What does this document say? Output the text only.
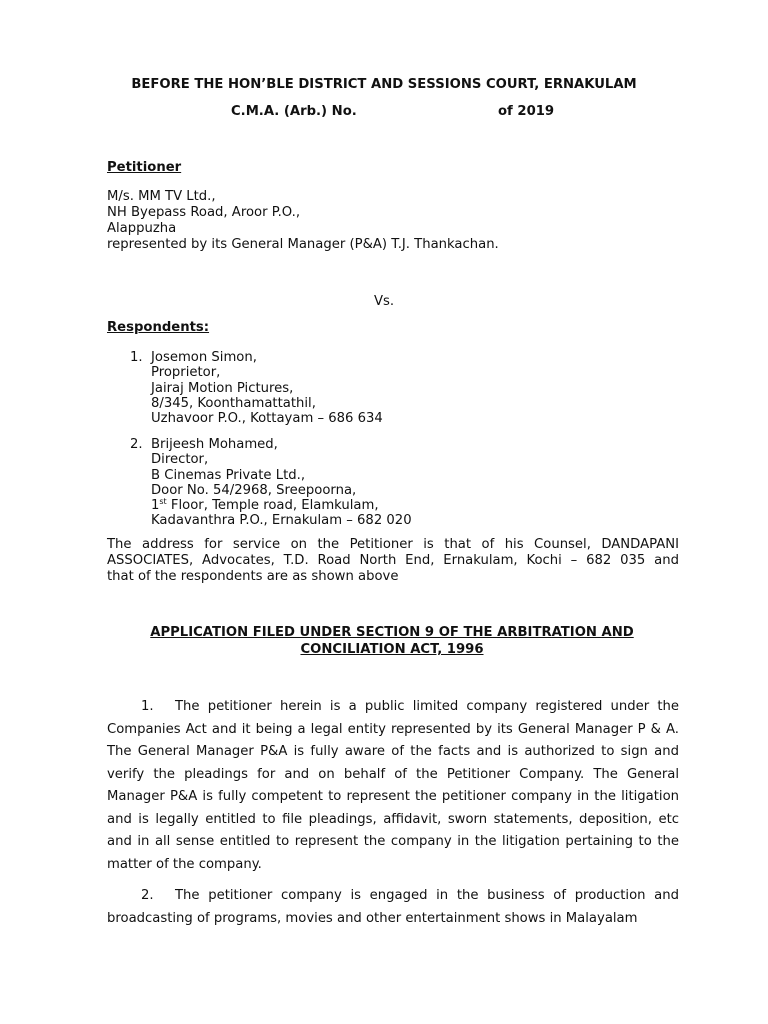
BEFORE THE HON’BLE DISTRICT AND SESSIONS COURT, ERNAKULAM
C.M.A. (Arb.) No.	of 2019
Petitioner
M/s. MM TV Ltd.,
NH Byepass Road, Aroor P.O.,
Alappuzha
represented by its General Manager (P&A) T.J. Thankachan.
Vs.
Respondents:
1. Josemon Simon,
Proprietor,
Jairaj Motion Pictures,
8/345, Koonthamattathil,
Uzhavoor P.O., Kottayam – 686 634
2. Brijeesh Mohamed,
Director,
B Cinemas Private Ltd.,
Door No. 54/2968, Sreepoorna,
1st Floor, Temple road, Elamkulam,
Kadavanthra P.O., Ernakulam – 682 020
The address for service on the Petitioner is that of his Counsel, DANDAPANI
ASSOCIATES, Advocates, T.D. Road North End, Ernakulam, Kochi – 682 035 and
that of the respondents are as shown above
APPLICATION FILED UNDER SECTION 9 OF THE ARBITRATION AND
CONCILIATION ACT, 1996
1. The petitioner herein is a public limited company registered under the Companies Act and it being a legal entity represented by its General Manager P & A. The General Manager P&A is fully aware of the facts and is authorized to sign and verify the pleadings for and on behalf of the Petitioner Company. The General Manager P&A is fully competent to represent the petitioner company in the litigation and is legally entitled to file pleadings, affidavit, sworn statements, deposition, etc and in all sense entitled to represent the company in the litigation pertaining to the matter of the company.
2. The petitioner company is engaged in the business of production and broadcasting of programs, movies and other entertainment shows in Malayalam
